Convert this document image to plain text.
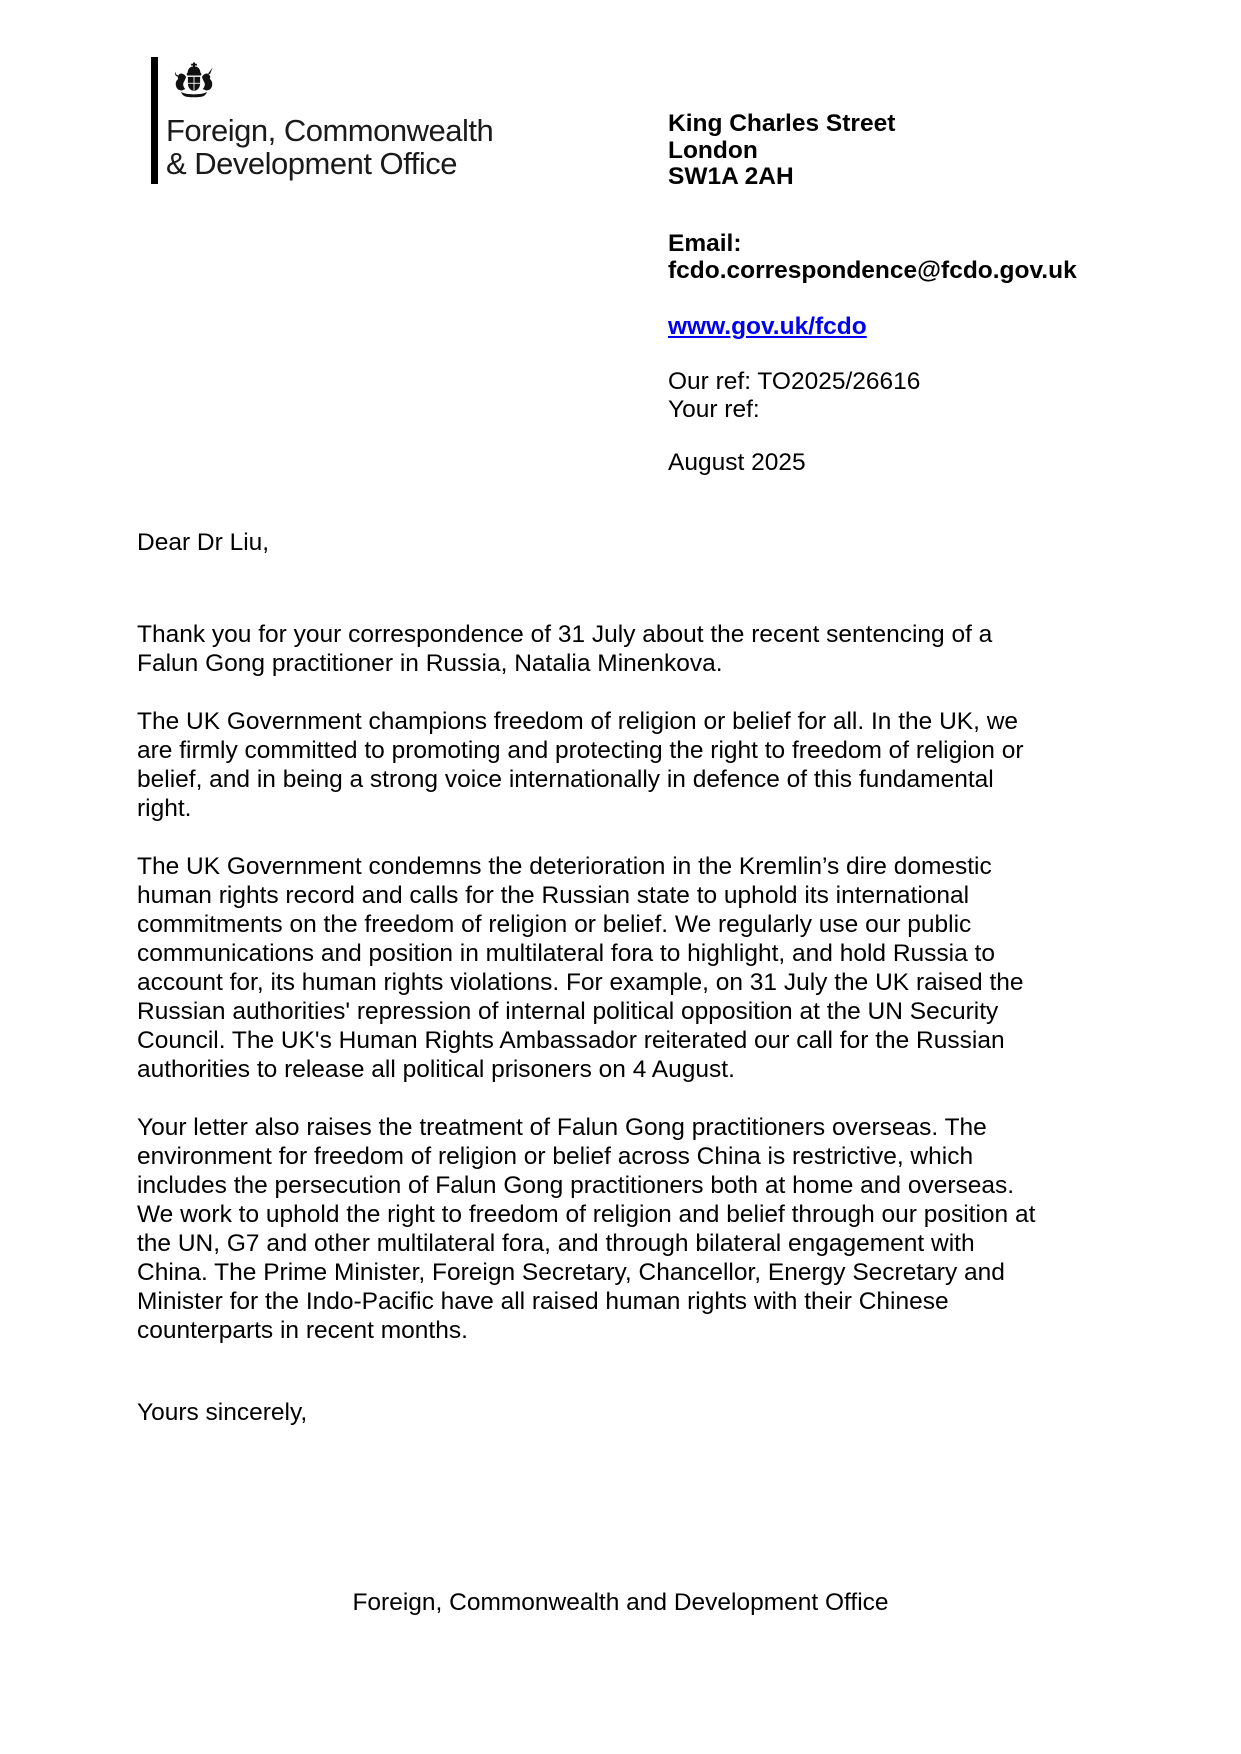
Foreign, Commonwealth
& Development Office
King Charles Street
London
SW1A 2AH
Email:
fcdo.correspondence@fcdo.gov.uk
www.gov.uk/fcdo
Our ref: TO2025/26616
Your ref:
August 2025

Dear Dr Liu,

Thank you for your correspondence of 31 July about the recent sentencing of a Falun Gong practitioner in Russia, Natalia Minenkova.

The UK Government champions freedom of religion or belief for all. In the UK, we are firmly committed to promoting and protecting the right to freedom of religion or belief, and in being a strong voice internationally in defence of this fundamental right.

The UK Government condemns the deterioration in the Kremlin’s dire domestic human rights record and calls for the Russian state to uphold its international commitments on the freedom of religion or belief. We regularly use our public communications and position in multilateral fora to highlight, and hold Russia to account for, its human rights violations. For example, on 31 July the UK raised the Russian authorities' repression of internal political opposition at the UN Security Council. The UK's Human Rights Ambassador reiterated our call for the Russian authorities to release all political prisoners on 4 August.

Your letter also raises the treatment of Falun Gong practitioners overseas. The environment for freedom of religion or belief across China is restrictive, which includes the persecution of Falun Gong practitioners both at home and overseas. We work to uphold the right to freedom of religion and belief through our position at the UN, G7 and other multilateral fora, and through bilateral engagement with China. The Prime Minister, Foreign Secretary, Chancellor, Energy Secretary and Minister for the Indo-Pacific have all raised human rights with their Chinese counterparts in recent months.

Yours sincerely,

Foreign, Commonwealth and Development Office
